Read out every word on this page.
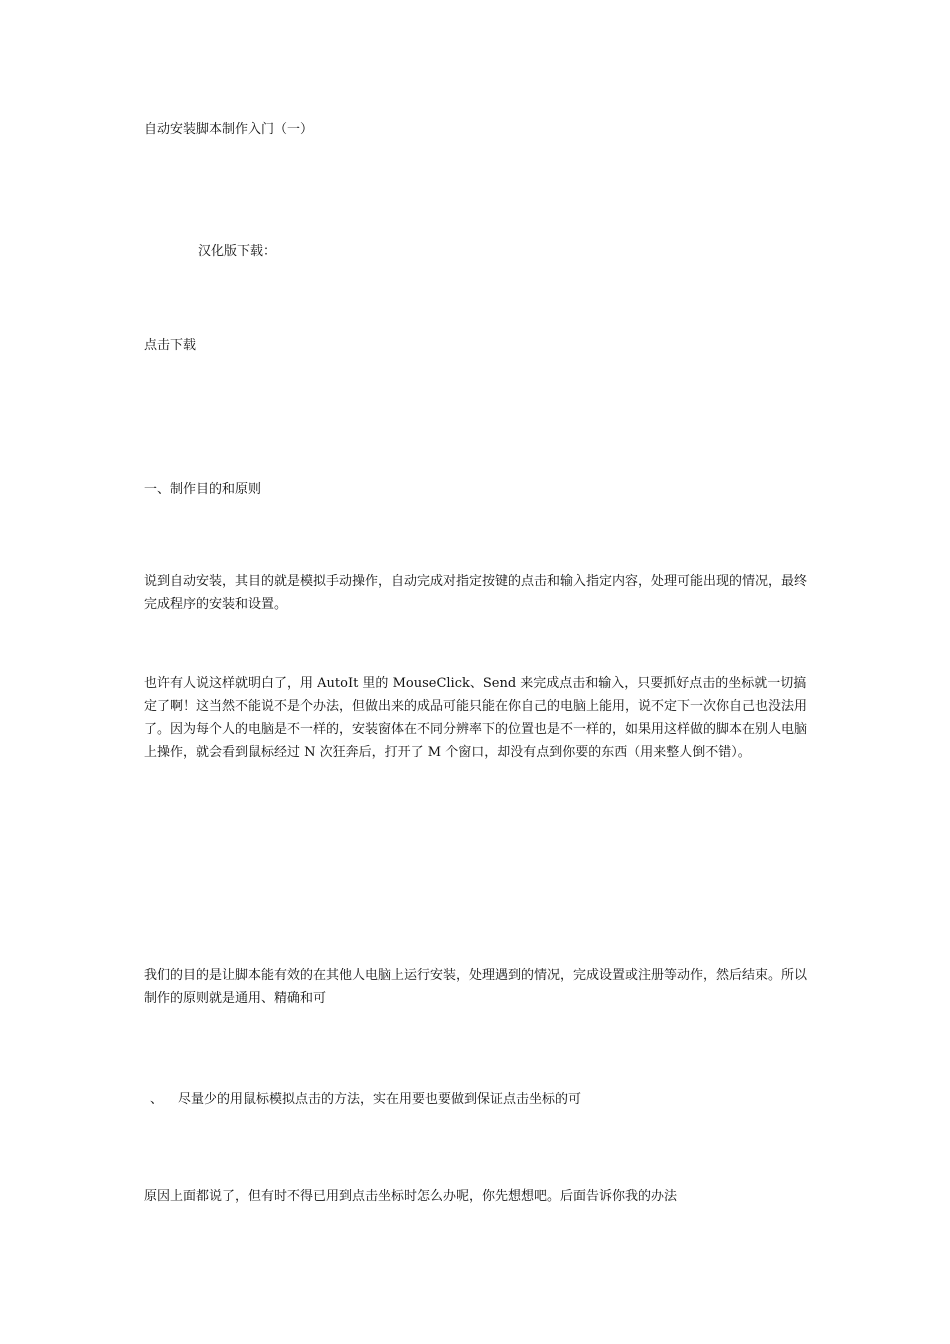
自动安装脚本制作入门（一）

汉化版下载：

点击下载

一、制作目的和原则

说到自动安装，其目的就是模拟手动操作，自动完成对指定按键的点击和输入指定内容，处理可能出现的情况，最终完成程序的安装和设置。

也许有人说这样就明白了，用 AutoIt 里的 MouseClick、Send 来完成点击和输入，只要抓好点击的坐标就一切搞定了啊！这当然不能说不是个办法，但做出来的成品可能只能在你自己的电脑上能用，说不定下一次你自己也没法用了。因为每个人的电脑是不一样的，安装窗体在不同分辨率下的位置也是不一样的，如果用这样做的脚本在别人电脑上操作，就会看到鼠标经过 N 次狂奔后，打开了 M 个窗口，却没有点到你要的东西（用来整人倒不错）。

我们的目的是让脚本能有效的在其他人电脑上运行安装，处理遇到的情况，完成设置或注册等动作，然后结束。所以制作的原则就是通用、精确和可

、 尽量少的用鼠标模拟点击的方法，实在用要也要做到保证点击坐标的可

原因上面都说了，但有时不得已用到点击坐标时怎么办呢，你先想想吧。后面告诉你我的办法
